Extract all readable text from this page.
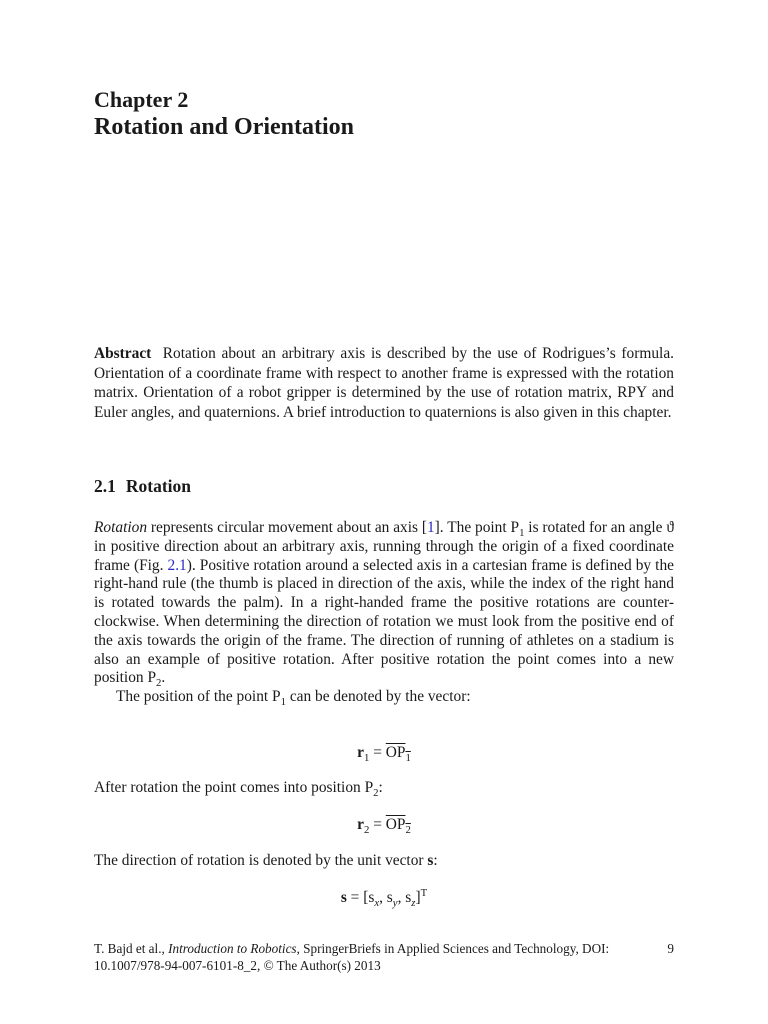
Chapter 2
Rotation and Orientation
Abstract Rotation about an arbitrary axis is described by the use of Rodrigues’s formula. Orientation of a coordinate frame with respect to another frame is expressed with the rotation matrix. Orientation of a robot gripper is determined by the use of rotation matrix, RPY and Euler angles, and quaternions. A brief introduction to quaternions is also given in this chapter.
2.1 Rotation

Rotation represents circular movement about an axis [1]. The point $P_1$ is rotated for an angle ϑ in positive direction about an arbitrary axis, running through the origin of a fixed coordinate frame (Fig. 2.1). Positive rotation around a selected axis in a cartesian frame is defined by the right-hand rule (the thumb is placed in direction of the axis, while the index of the right hand is rotated towards the palm). In a right-handed frame the positive rotations are counter-clockwise. When determining the direction of rotation we must look from the positive end of the axis towards the origin of the frame. The direction of running of athletes on a stadium is also an example of positive rotation. After positive rotation the point comes into a new position $P_2$.

The position of the point $P_1$ can be denoted by the vector:

$r_1 = OP_1$
After rotation the point comes into position $P_2$:
$r_2 = OP_2$
The direction of rotation is denoted by the unit vector s:
$s = [s_x$, $s_y$, $s_z]^T$
T. Bajd et al., Introduction to Robotics, SpringerBriefs in Applied Sciences and Technology, DOI: 10.1007/978-94-007-6101-8_2, © The Author(s) 2013
9
